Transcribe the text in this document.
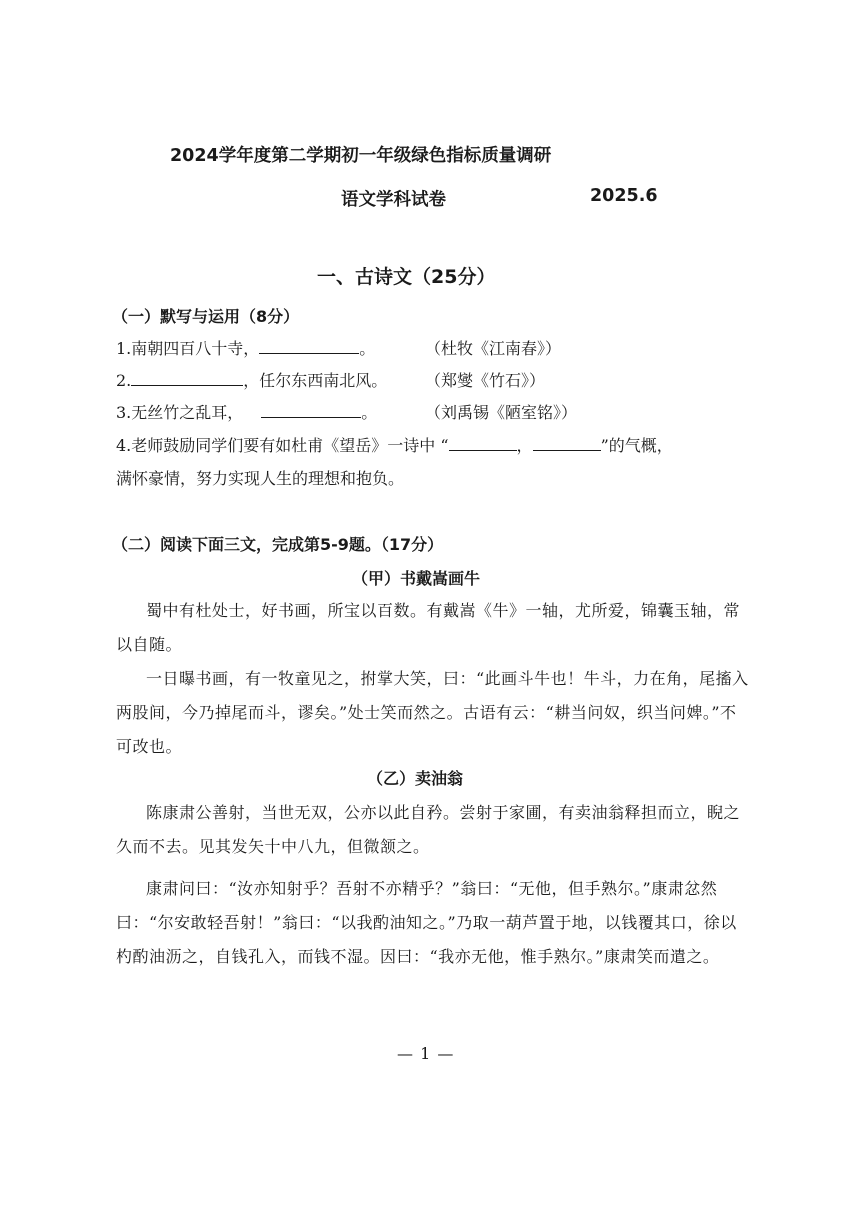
2024学年度第二学期初一年级绿色指标质量调研
语文学科试卷	2025.6
一、古诗文（25分）
（一）默写与运用（8分）
1.南朝四百八十寺，	。	（杜牧《江南春》）
2.	，任尔东西南北风。 （郑燮《竹石》）
3.无丝竹之乱耳，	。	（刘禹锡《陋室铭》）
4.老师鼓励同学们要有如杜甫《望岳》一诗中 “	，	”的气概，
满怀豪情，努力实现人生的理想和抱负。
（二）阅读下面三文，完成第5-9题。（17分）
（甲）书戴嵩画牛
蜀中有杜处士，好书画，所宝以百数。有戴嵩《牛》一轴，尤所爱，锦囊玉轴，常以自随。
一日曝书画，有一牧童见之，拊掌大笑，曰：“此画斗牛也！牛斗，力在角，尾搐入两股间，今乃掉尾而斗，谬矣。”处士笑而然之。古语有云：“耕当问奴，织当问婢。”不可改也。
（乙）卖油翁
陈康肃公善射，当世无双，公亦以此自矜。尝射于家圃，有卖油翁释担而立，睨之久而不去。见其发矢十中八九，但微颔之。
康肃问曰：“汝亦知射乎？吾射不亦精乎？”翁曰：“无他，但手熟尔。”康肃忿然曰：“尔安敢轻吾射！”翁曰：“以我酌油知之。”乃取一葫芦置于地，以钱覆其口，徐以杓酌油沥之，自钱孔入，而钱不湿。因曰：“我亦无他，惟手熟尔。”康肃笑而遣之。
— 1 —
